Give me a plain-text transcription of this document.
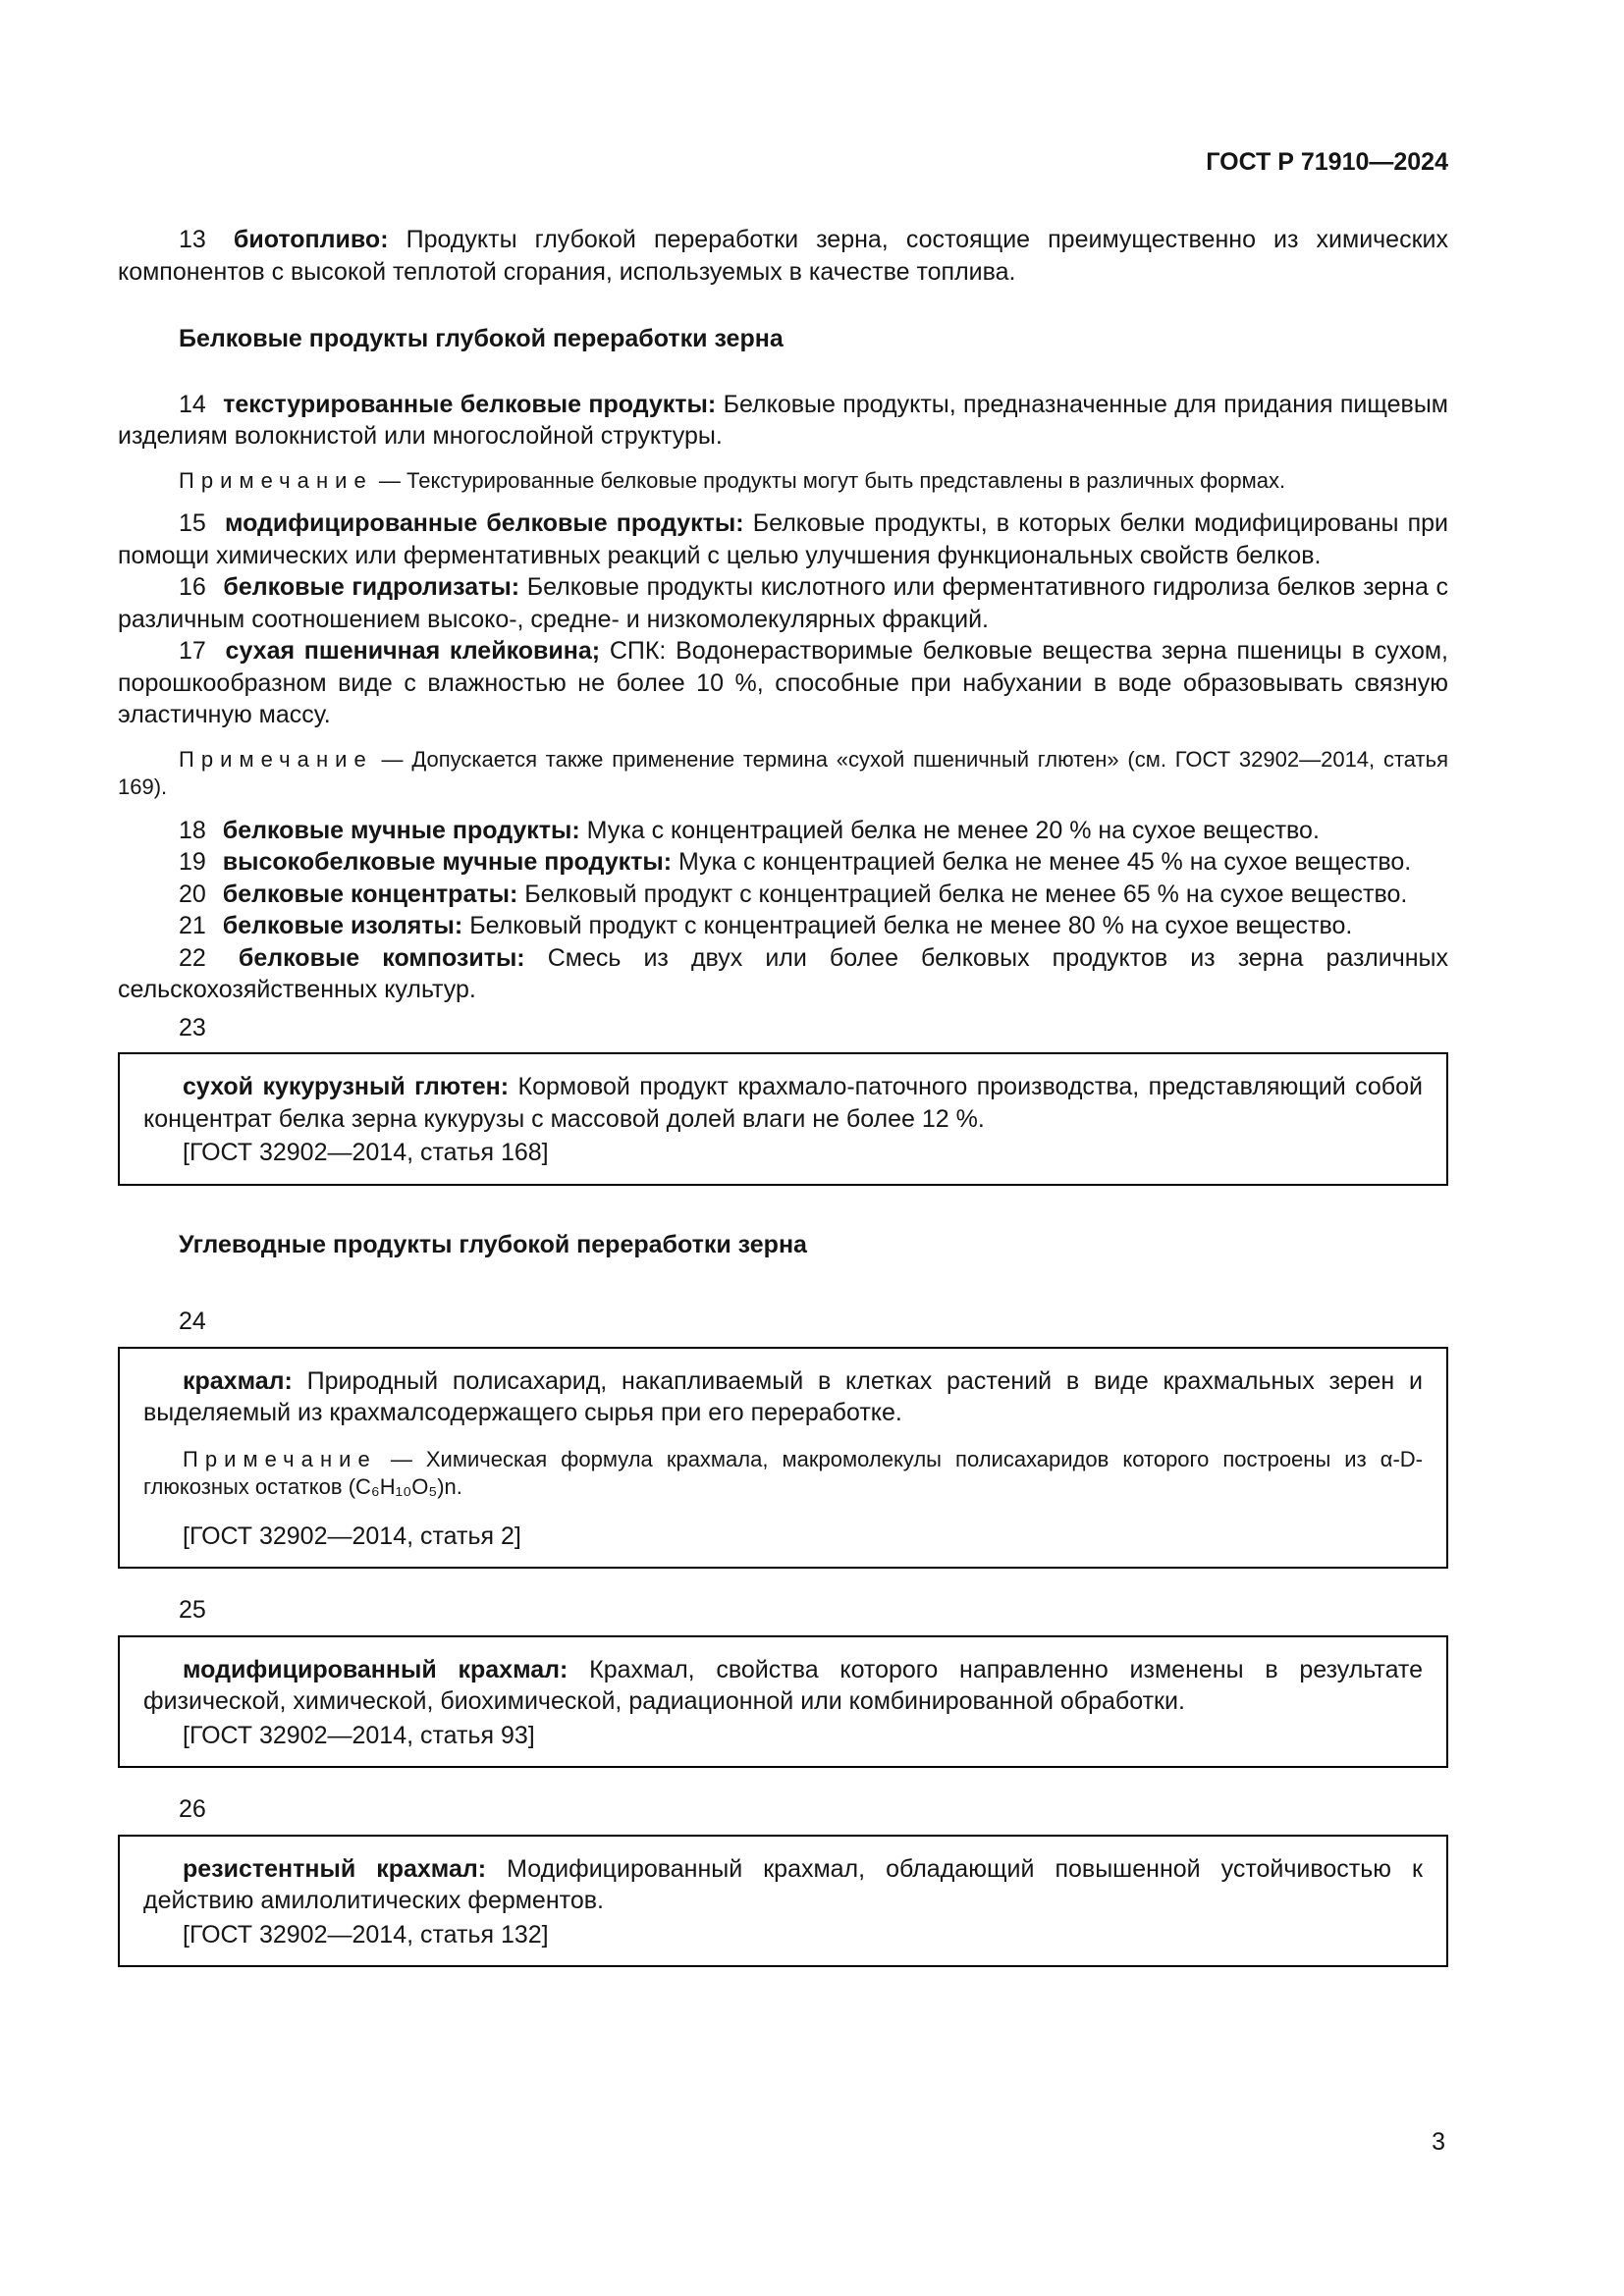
ГОСТ Р 71910—2024

13 биотопливо: Продукты глубокой переработки зерна, состоящие преимущественно из химических компонентов с высокой теплотой сгорания, используемых в качестве топлива.

Белковые продукты глубокой переработки зерна

14 текстурированные белковые продукты: Белковые продукты, предназначенные для придания пищевым изделиям волокнистой или многослойной структуры.

Примечание — Текстурированные белковые продукты могут быть представлены в различных формах.

15 модифицированные белковые продукты: Белковые продукты, в которых белки модифицированы при помощи химических или ферментативных реакций с целью улучшения функциональных свойств белков.

16 белковые гидролизаты: Белковые продукты кислотного или ферментативного гидролиза белков зерна с различным соотношением высоко-, средне- и низкомолекулярных фракций.

17 сухая пшеничная клейковина; СПК: Водонерастворимые белковые вещества зерна пшеницы в сухом, порошкообразном виде с влажностью не более 10 %, способные при набухании в воде образовывать связную эластичную массу.

Примечание — Допускается также применение термина «сухой пшеничный глютен» (см. ГОСТ 32902—2014, статья 169).

18 белковые мучные продукты: Мука с концентрацией белка не менее 20 % на сухое вещество.

19 высокобелковые мучные продукты: Мука с концентрацией белка не менее 45 % на сухое вещество.

20 белковые концентраты: Белковый продукт с концентрацией белка не менее 65 % на сухое вещество.

21 белковые изоляты: Белковый продукт с концентрацией белка не менее 80 % на сухое вещество.

22 белковые композиты: Смесь из двух или более белковых продуктов из зерна различных сельскохозяйственных культур.

23

сухой кукурузный глютен: Кормовой продукт крахмало-паточного производства, представляющий собой концентрат белка зерна кукурузы с массовой долей влаги не более 12 %.

[ГОСТ 32902—2014, статья 168]

Углеводные продукты глубокой переработки зерна

24

крахмал: Природный полисахарид, накапливаемый в клетках растений в виде крахмальных зерен и выделяемый из крахмалсодержащего сырья при его переработке.

Примечание — Химическая формула крахмала, макромолекулы полисахаридов которого построены из α-D-глюкозных остатков (C₆H₁₀O₅)n.

[ГОСТ 32902—2014, статья 2]

25

модифицированный крахмал: Крахмал, свойства которого направленно изменены в результате физической, химической, биохимической, радиационной или комбинированной обработки.

[ГОСТ 32902—2014, статья 93]

26

резистентный крахмал: Модифицированный крахмал, обладающий повышенной устойчивостью к действию амилолитических ферментов.

[ГОСТ 32902—2014, статья 132]

3
